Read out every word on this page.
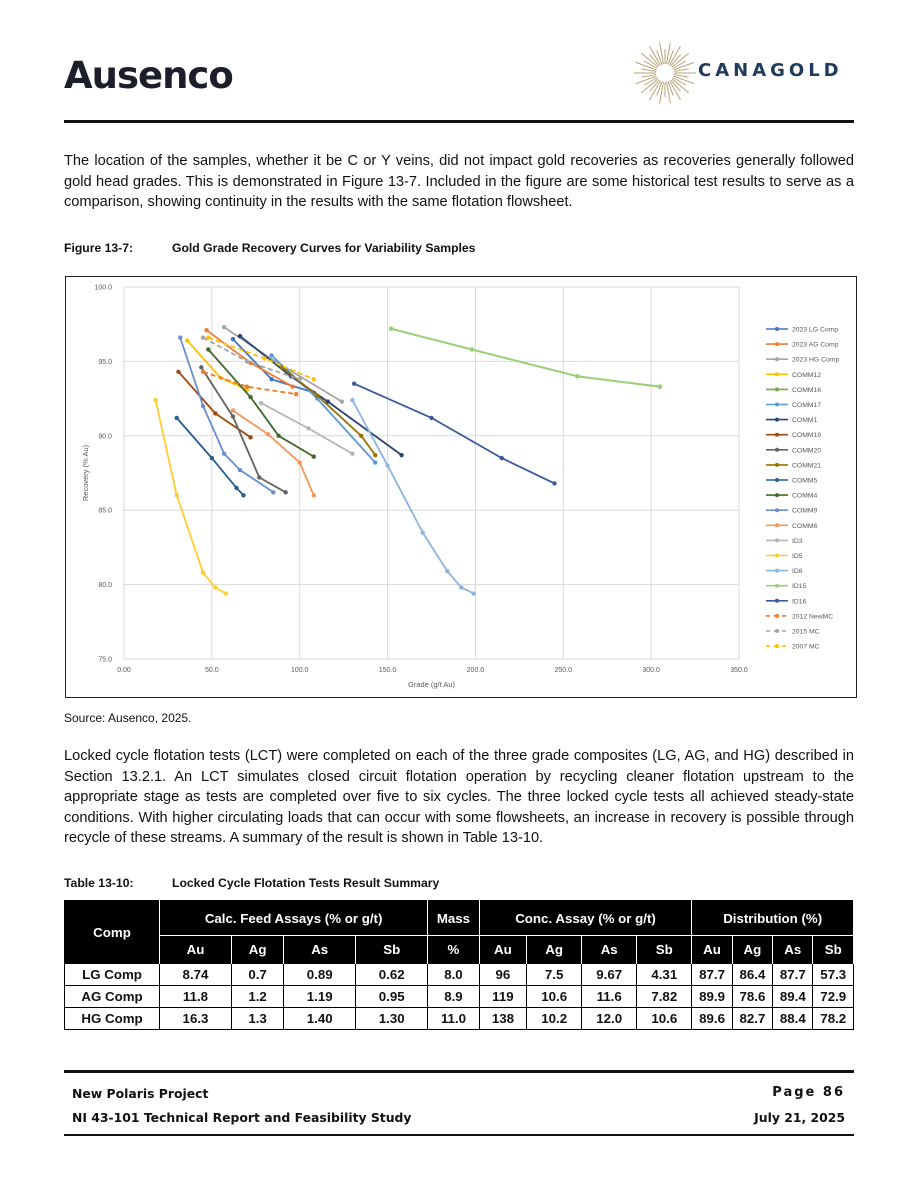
Ausenco	CANAGOLD

The location of the samples, whether it be C or Y veins, did not impact gold recoveries as recoveries generally followed gold head grades. This is demonstrated in Figure 13-7. Included in the figure are some historical test results to serve as a comparison, showing continuity in the results with the same flotation flowsheet.

Figure 13-7:	Gold Grade Recovery Curves for Variability Samples
0.00	50.0	100.0	150.0	200.0	250.0	300.0	350.0
75.0
80.0
85.0
90.0
95.0
100.0
Grade (g/t Au)
Recovery (% Au)
2023 LG Comp
2023 AG Comp
2023 HG Comp
COMM12
COMM16
COMM17
COMM1
COMM19
COMM20
COMM21
COMM5
COMM4
COMM9
COMM6
ID3
ID5
ID8
ID15
ID16
2012 NewMC
2015 MC
2007 MC
Source: Ausenco, 2025.

Locked cycle flotation tests (LCT) were completed on each of the three grade composites (LG, AG, and HG) described in Section 13.2.1. An LCT simulates closed circuit flotation operation by recycling cleaner flotation upstream to the appropriate stage as tests are completed over five to six cycles. The three locked cycle tests all achieved steady-state conditions. With higher circulating loads that can occur with some flowsheets, an increase in recovery is possible through recycle of these streams. A summary of the result is shown in Table 13-10.

Table 13-10:	Locked Cycle Flotation Tests Result Summary
Comp	Calc. Feed Assays (% or g/t)				Mass	Conc. Assay (% or g/t)				Distribution (%)			
	Au	Ag	As	Sb	%	Au	Ag	As	Sb	Au	Ag	As	Sb
LG Comp	8.74	0.7	0.89	0.62	8.0	96	7.5	9.67	4.31	87.7	86.4	87.7	57.3
AG Comp	11.8	1.2	1.19	0.95	8.9	119	10.6	11.6	7.82	89.9	78.6	89.4	72.9
HG Comp	16.3	1.3	1.40	1.30	11.0	138	10.2	12.0	10.6	89.6	82.7	88.4	78.2
New Polaris Project
NI 43-101 Technical Report and Feasibility Study
Page 86
July 21, 2025
